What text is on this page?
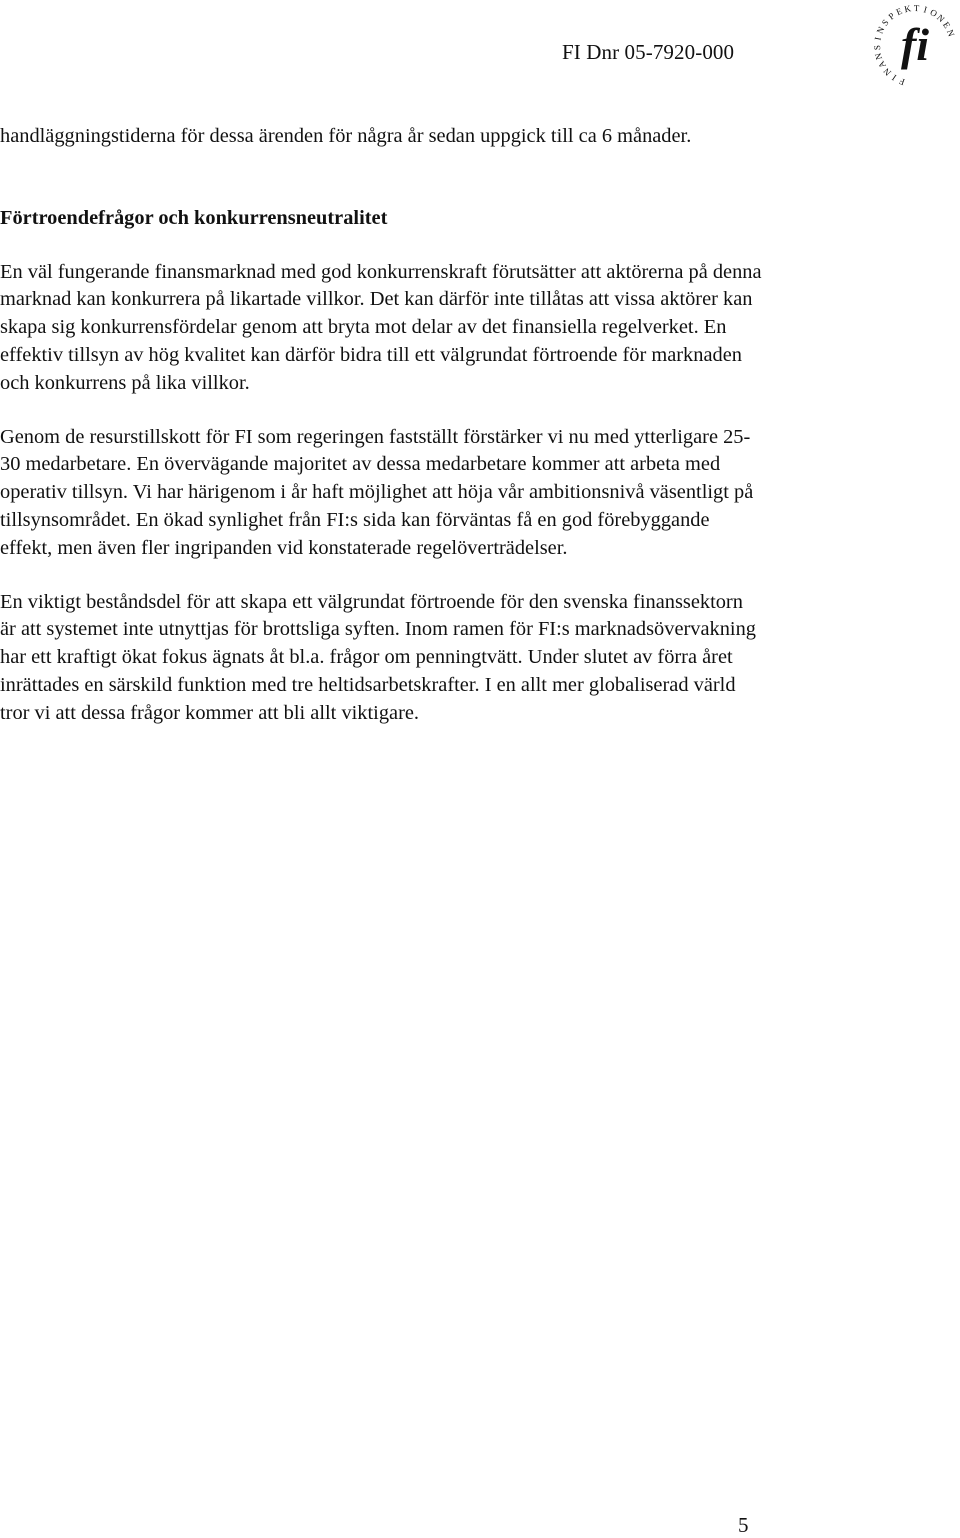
FI Dnr 05-7920-000
F
I
N
A
N
S
I
N
S
P
E K T I O
N
E
N
fi

handläggningstiderna för dessa ärenden för några år sedan uppgick till ca 6 månader.

Förtroendefrågor och konkurrensneutralitet

En väl fungerande finansmarknad med god konkurrenskraft förutsätter att aktörerna på denna marknad kan konkurrera på likartade villkor. Det kan därför inte tillåtas att vissa aktörer kan skapa sig konkurrensfördelar genom att bryta mot delar av det finansiella regelverket. En effektiv tillsyn av hög kvalitet kan därför bidra till ett välgrundat förtroende för marknaden och konkurrens på lika villkor.

Genom de resurstillskott för FI som regeringen fastställt förstärker vi nu med ytterligare 25-30 medarbetare. En övervägande majoritet av dessa medarbetare kommer att arbeta med operativ tillsyn. Vi har härigenom i år haft möjlighet att höja vår ambitionsnivå väsentligt på tillsynsområdet. En ökad synlighet från FI:s sida kan förväntas få en god förebyggande effekt, men även fler ingripanden vid konstaterade regelöverträdelser.

En viktigt beståndsdel för att skapa ett välgrundat förtroende för den svenska finanssektorn är att systemet inte utnyttjas för brottsliga syften. Inom ramen för FI:s marknadsövervakning har ett kraftigt ökat fokus ägnats åt bl.a. frågor om penningtvätt. Under slutet av förra året inrättades en särskild funktion med tre heltidsarbetskrafter. I en allt mer globaliserad värld tror vi att dessa frågor kommer att bli allt viktigare.

5
